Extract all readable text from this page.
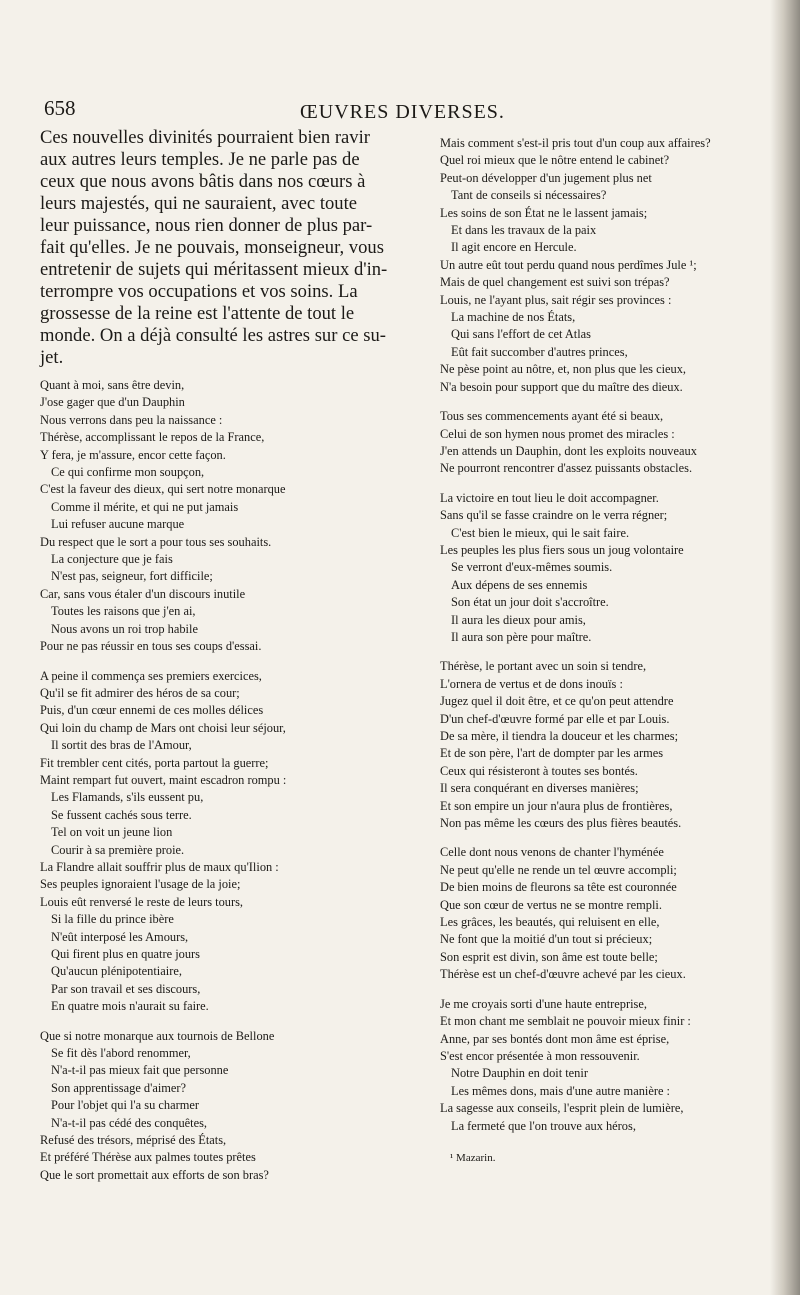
658	ŒUVRES DIVERSES.
Ces nouvelles divinités pourraient bien ravir
aux autres leurs temples. Je ne parle pas de
ceux que nous avons bâtis dans nos cœurs à
leurs majestés, qui ne sauraient, avec toute
leur puissance, nous rien donner de plus par-
fait qu'elles. Je ne pouvais, monseigneur, vous
entretenir de sujets qui méritassent mieux d'in-
terrompre vos occupations et vos soins. La
grossesse de la reine est l'attente de tout le
monde. On a déjà consulté les astres sur ce su-
jet.
Quant à moi, sans être devin,
J'ose gager que d'un Dauphin
Nous verrons dans peu la naissance :
Thérèse, accomplissant le repos de la France,
Y fera, je m'assure, encor cette façon.
Ce qui confirme mon soupçon,
C'est la faveur des dieux, qui sert notre monarque
Comme il mérite, et qui ne put jamais
Lui refuser aucune marque
Du respect que le sort a pour tous ses souhaits.
La conjecture que je fais
N'est pas, seigneur, fort difficile;
Car, sans vous étaler d'un discours inutile
Toutes les raisons que j'en ai,
Nous avons un roi trop habile
Pour ne pas réussir en tous ses coups d'essai.
A peine il commença ses premiers exercices,
Qu'il se fit admirer des héros de sa cour;
Puis, d'un cœur ennemi de ces molles délices
Qui loin du champ de Mars ont choisi leur séjour,
Il sortit des bras de l'Amour,
Fit trembler cent cités, porta partout la guerre;
Maint rempart fut ouvert, maint escadron rompu :
Les Flamands, s'ils eussent pu,
Se fussent cachés sous terre.
Tel on voit un jeune lion
Courir à sa première proie.
La Flandre allait souffrir plus de maux qu'Ilion :
Ses peuples ignoraient l'usage de la joie;
Louis eût renversé le reste de leurs tours,
Si la fille du prince ibère
N'eût interposé les Amours,
Qui firent plus en quatre jours
Qu'aucun plénipotentiaire,
Par son travail et ses discours,
En quatre mois n'aurait su faire.
Que si notre monarque aux tournois de Bellone
Se fit dès l'abord renommer,
N'a-t-il pas mieux fait que personne
Son apprentissage d'aimer?
Pour l'objet qui l'a su charmer
N'a-t-il pas cédé des conquêtes,
Refusé des trésors, méprisé des États,
Et préféré Thérèse aux palmes toutes prêtes
Que le sort promettait aux efforts de son bras?
Mais comment s'est-il pris tout d'un coup aux affaires?
Quel roi mieux que le nôtre entend le cabinet?
Peut-on développer d'un jugement plus net
Tant de conseils si nécessaires?
Les soins de son État ne le lassent jamais;
Et dans les travaux de la paix
Il agit encore en Hercule.
Un autre eût tout perdu quand nous perdîmes Jule ¹;
Mais de quel changement est suivi son trépas?
Louis, ne l'ayant plus, sait régir ses provinces :
La machine de nos États,
Qui sans l'effort de cet Atlas
Eût fait succomber d'autres princes,
Ne pèse point au nôtre, et, non plus que les cieux,
N'a besoin pour support que du maître des dieux.
Tous ses commencements ayant été si beaux,
Celui de son hymen nous promet des miracles :
J'en attends un Dauphin, dont les exploits nouveaux
Ne pourront rencontrer d'assez puissants obstacles.
La victoire en tout lieu le doit accompagner.
Sans qu'il se fasse craindre on le verra régner;
C'est bien le mieux, qui le sait faire.
Les peuples les plus fiers sous un joug volontaire
Se verront d'eux-mêmes soumis.
Aux dépens de ses ennemis
Son état un jour doit s'accroître.
Il aura les dieux pour amis,
Il aura son père pour maître.
Thérèse, le portant avec un soin si tendre,
L'ornera de vertus et de dons inouïs :
Jugez quel il doit être, et ce qu'on peut attendre
D'un chef-d'œuvre formé par elle et par Louis.
De sa mère, il tiendra la douceur et les charmes;
Et de son père, l'art de dompter par les armes
Ceux qui résisteront à toutes ses bontés.
Il sera conquérant en diverses manières;
Et son empire un jour n'aura plus de frontières,
Non pas même les cœurs des plus fières beautés.
Celle dont nous venons de chanter l'hyménée
Ne peut qu'elle ne rende un tel œuvre accompli;
De bien moins de fleurons sa tête est couronnée
Que son cœur de vertus ne se montre rempli.
Les grâces, les beautés, qui reluisent en elle,
Ne font que la moitié d'un tout si précieux;
Son esprit est divin, son âme est toute belle;
Thérèse est un chef-d'œuvre achevé par les cieux.
Je me croyais sorti d'une haute entreprise,
Et mon chant me semblait ne pouvoir mieux finir :
Anne, par ses bontés dont mon âme est éprise,
S'est encor présentée à mon ressouvenir.
Notre Dauphin en doit tenir
Les mêmes dons, mais d'une autre manière :
La sagesse aux conseils, l'esprit plein de lumière,
La fermeté que l'on trouve aux héros,
¹ Mazarin.
